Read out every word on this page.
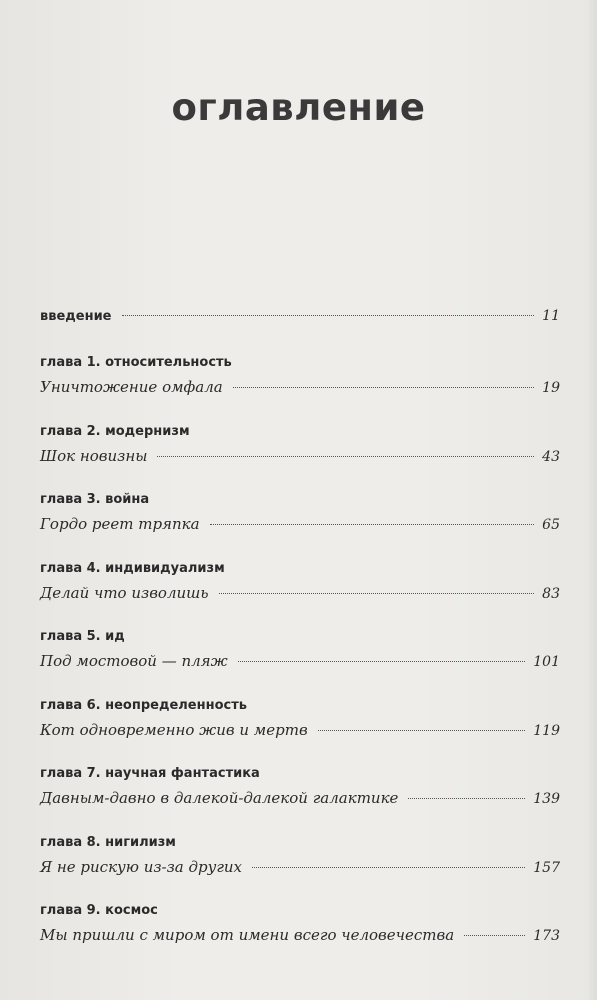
оглавление
введение	11
глава 1. относительность
Уничтожение омфала	19
глава 2. модернизм
Шок новизны	43
глава 3. война
Гордо реет тряпка	65
глава 4. индивидуализм
Делай что изволишь	83
глава 5. ид
Под мостовой — пляж	101
глава 6. неопределенность
Кот одновременно жив и мертв	119
глава 7. научная фантастика
Давным-давно в далекой-далекой галактике	139
глава 8. нигилизм
Я не рискую из-за других	157
глава 9. космос
Мы пришли с миром от имени всего человечества	173
